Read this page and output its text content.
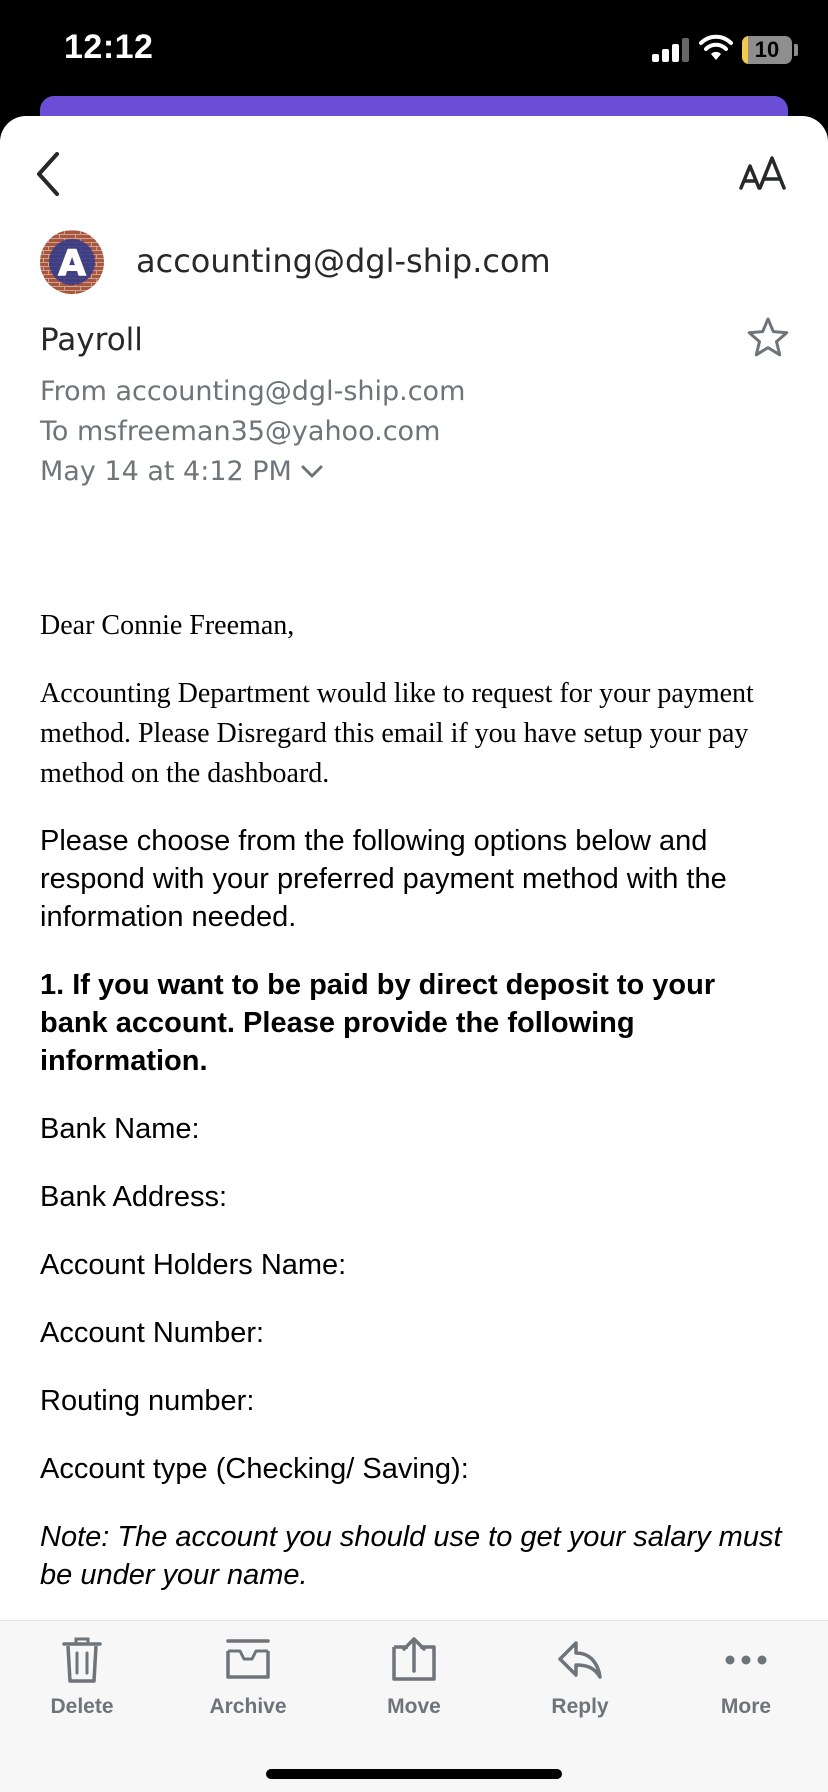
12:12	10
A accounting@dgl-ship.com
Payroll
From accounting@dgl-ship.com
To msfreeman35@yahoo.com
May 14 at 4:12 PM

Dear Connie Freeman,

Accounting Department would like to request for your payment method. Please Disregard this email if you have setup your pay method on the dashboard.

Please choose from the following options below and respond with your preferred payment method with the information needed.

1. If you want to be paid by direct deposit to your bank account. Please provide the following information.

Bank Name:

Bank Address:

Account Holders Name:

Account Number:

Routing number:

Account type (Checking/ Saving):

Note: The account you should use to get your salary must be under your name.

Delete	Archive	Move	Reply	More
